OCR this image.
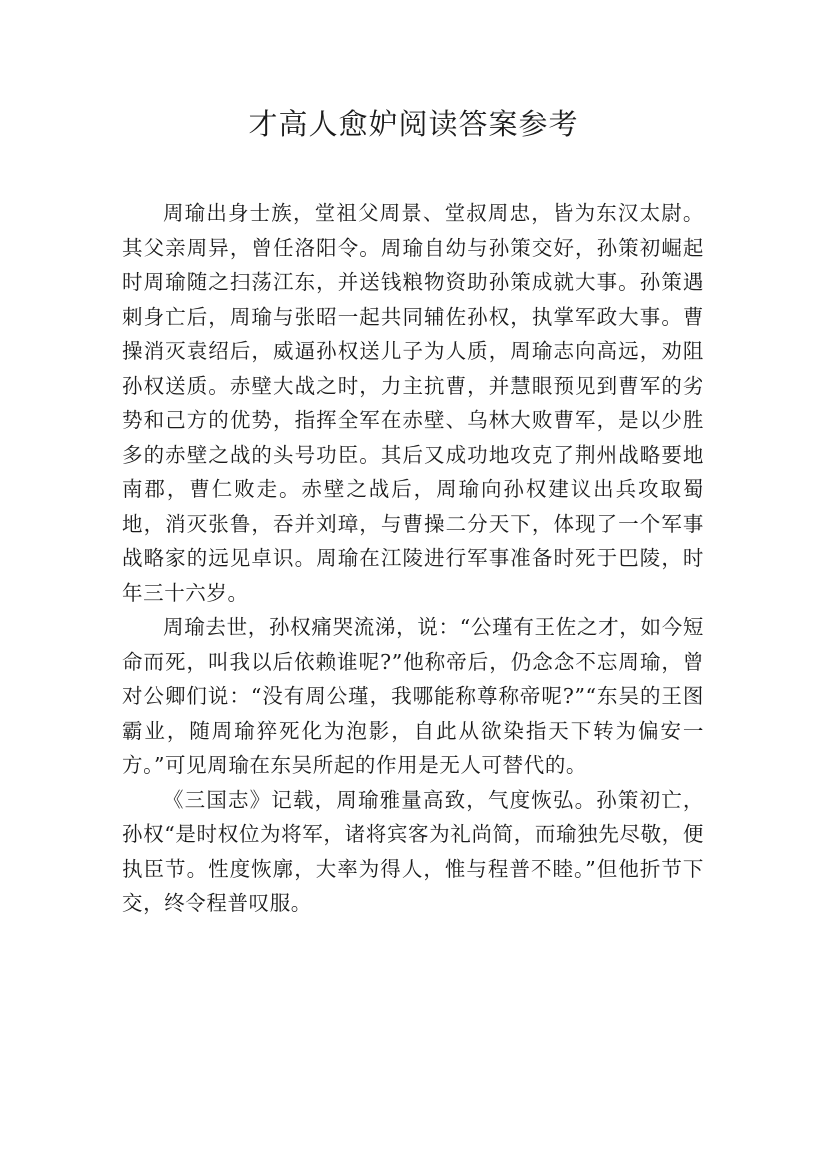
才高人愈妒阅读答案参考

周瑜出身士族，堂祖父周景、堂叔周忠，皆为东汉太尉。其父亲周异，曾任洛阳令。周瑜自幼与孙策交好，孙策初崛起时周瑜随之扫荡江东，并送钱粮物资助孙策成就大事。孙策遇刺身亡后，周瑜与张昭一起共同辅佐孙权，执掌军政大事。曹操消灭袁绍后，威逼孙权送儿子为人质，周瑜志向高远，劝阻孙权送质。赤壁大战之时，力主抗曹，并慧眼预见到曹军的劣势和己方的优势，指挥全军在赤壁、乌林大败曹军，是以少胜多的赤壁之战的头号功臣。其后又成功地攻克了荆州战略要地南郡，曹仁败走。赤壁之战后，周瑜向孙权建议出兵攻取蜀地，消灭张鲁，吞并刘璋，与曹操二分天下，体现了一个军事战略家的远见卓识。周瑜在江陵进行军事准备时死于巴陵，时年三十六岁。

周瑜去世，孙权痛哭流涕，说：“公瑾有王佐之才，如今短命而死，叫我以后依赖谁呢?”他称帝后，仍念念不忘周瑜，曾对公卿们说：“没有周公瑾，我哪能称尊称帝呢?”“东吴的王图霸业，随周瑜猝死化为泡影，自此从欲染指天下转为偏安一方。”可见周瑜在东吴所起的作用是无人可替代的。

《三国志》记载，周瑜雅量高致，气度恢弘。孙策初亡，孙权“是时权位为将军，诸将宾客为礼尚简，而瑜独先尽敬，便执臣节。性度恢廓，大率为得人，惟与程普不睦。”但他折节下交，终令程普叹服。
